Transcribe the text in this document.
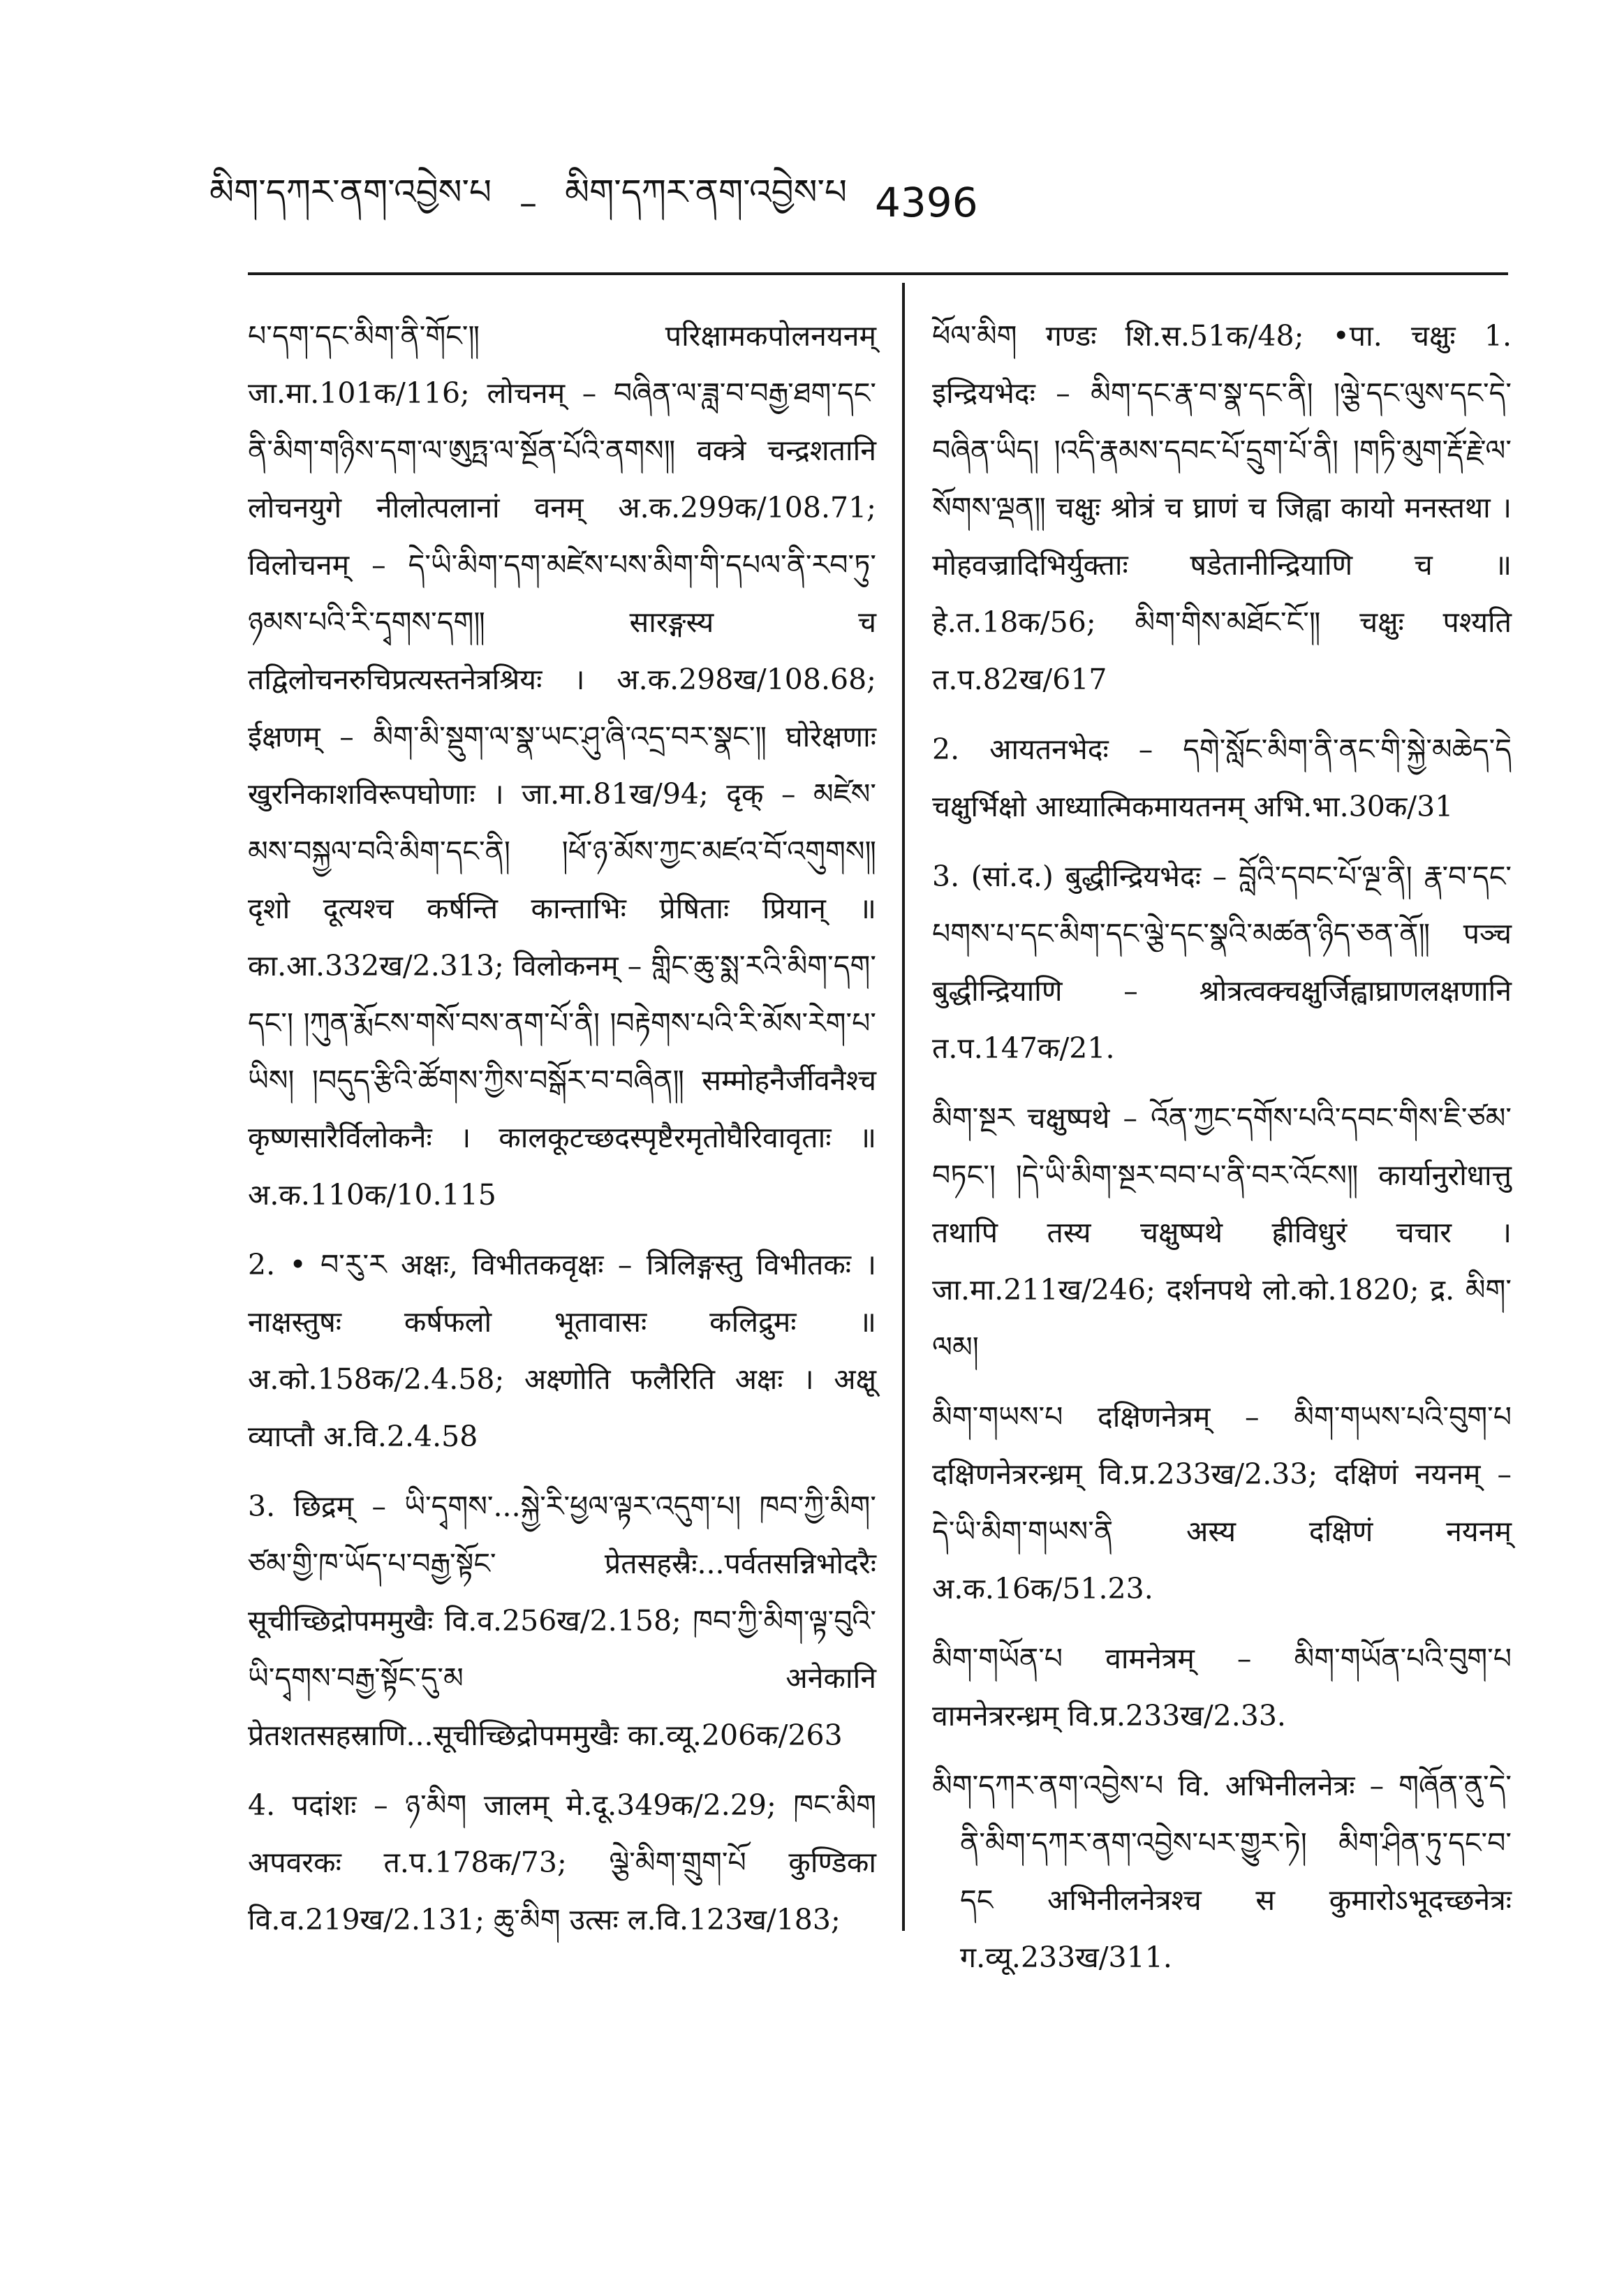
མིག་དཀར་ནག་འབྱེས་པ – མིག་དཀར་ནག་འབྱེས་པ 4396

པ་དག་དང་མིག་ནི་གོང་༎ परिक्षामकपोलनयनम् जा.मा.101क/116; लोचनम् – བཞིན་ལ་ཟླ་བ་བརྒྱ་ཐག་དང་ནི་མིག་གཉིས་དག་ལ་ཨུཏྤ་ལ་སྔོན་པོའི་ནགས༎ वक्त्रे चन्द्रशतानि लोचनयुगे नीलोत्पलानां वनम् अ.क.299क/108.71; विलोचनम् – དེ་ཡི་མིག་དག་མཛེས་པས་མིག་གི་དཔལ་ནི་རབ་ཏུ་ཉམས་པའི་རི་དྭགས་དག༎ सारङ्गस्य च तद्विलोचनरुचिप्रत्यस्तनेत्रश्रियः । अ.क.298ख/108.68; ईक्षणम् – མིག་མི་སྡུག་ལ་སྣ་ཡང་ཤུ་ཞི་འདྲ་བར་སྣང་༎ घोरेक्षणाः खुरनिकाशविरूपघोणाः । जा.मा.81ख/94; दृक् – མཛེས་མས་བསྐྱལ་བའི་མིག་དང་ནི། །ཕོ་ཉ་མོས་ཀྱང་མཛའ་བོ་འགུགས༎ दृशो दूत्यश्च कर्षन्ति कान्ताभिः प्रेषिताः प्रियान् ॥ का.आ.332ख/2.313; विलोकनम् – གླིང་ཆུ་སྨ་རའི་མིག་དག་དང་། །ཀུན་རྨོངས་གསོ་བས་ནག་པོ་ནི། །བརྟེགས་པའི་རི་མོས་རེག་པ་ཡིས། །བདུད་རྩིའི་ཚོགས་ཀྱིས་བསྒོར་བ་བཞིན༎ सम्मोहनैर्जीवनैश्च कृष्णसारैर्विलोकनैः । कालकूटच्छदस्पृष्टैरमृतोघैरिवावृताः ॥ अ.क.110क/10.115

2. • བ་རུ་ར अक्षः, विभीतकवृक्षः – त्रिलिङ्गस्तु विभीतकः । नाक्षस्तुषः कर्षफलो भूतावासः कलिद्रुमः ॥ अ.को.158क/2.4.58; अक्ष्णोति फलैरिति अक्षः । अक्षू व्याप्तौ अ.वि.2.4.58

3. छिद्रम् – ཡི་དྭགས་...སྐྱེ་རི་ཕྱལ་ལྟར་འདུག་པ། ཁབ་ཀྱི་མིག་ཙམ་གྱི་ཁ་ཡོད་པ་བརྒྱ་སྟོང་ प्रेतसहस्रैः...पर्वतसन्निभोदरैः सूचीच्छिद्रोपममुखैः वि.व.256ख/2.158; ཁབ་ཀྱི་མིག་ལྟ་བུའི་ཡི་དྭགས་བརྒྱ་སྟོང་དུ་མ अनेकानि प्रेतशतसहस्राणि...सूचीच्छिद्रोपममुखैः का.व्यू.206क/263

4. पदांशः – ཉ་མིག जालम् मे.दू.349क/2.29; ཁང་མིག अपवरकः त.प.178क/73; ལྕེ་མིག་གྲུག་པོ कुण्डिका वि.व.219ख/2.131; ཆུ་མིག उत्सः ल.वि.123ख/183;

ཕོལ་མིག गण्डः शि.स.51क/48; •पा. चक्षुः 1. इन्द्रियभेदः – མིག་དང་རྣ་བ་སྣ་དང་ནི། །ལྕེ་དང་ལུས་དང་དེ་བཞིན་ཡིད། །འདི་རྣམས་དབང་པོ་དྲུག་པོ་ནི། །གཏི་མུག་རྡོ་རྗེ་ལ་སོགས་ལྡན༎ चक्षुः श्रोत्रं च घ्राणं च जिह्वा कायो मनस्तथा । मोहवज्रादिभिर्युक्ताः षडेतानीन्द्रियाणि च ॥ हे.त.18क/56; མིག་གིས་མཐོང་ངོ་༎ चक्षुः पश्यति त.प.82ख/617

2. आयतनभेदः – དགེ་སློང་མིག་ནི་ནང་གི་སྐྱེ་མཆེད་དེ चक्षुर्भिक्षो आध्यात्मिकमायतनम् अभि.भा.30क/31

3. (सां.द.) बुद्धीन्द्रियभेदः – བློའི་དབང་པོ་ལྔ་ནི། རྣ་བ་དང་ པགས་པ་དང་མིག་དང་ལྕེ་དང་སྣའི་མཚན་ཉིད་ཅན་ནོ༎ पञ्च बुद्धीन्द्रियाणि – श्रोत्रत्वक्चक्षुर्जिह्वाघ्राणलक्षणानि त.प.147क/21.

མིག་སྔར चक्षुष्पथे – འོན་ཀྱང་དགོས་པའི་དབང་གིས་ཇི་ཙམ་བཏང་། །དེ་ཡི་མིག་སྔར་བབ་པ་ནི་བར་འོངས༎ कार्यानुरोधात्तु तथापि तस्य चक्षुष्पथे ह्रीविधुरं चचार । जा.मा.211ख/246; दर्शनपथे लो.को.1820; द्र. མིག་ལམ།

མིག་གཡས་པ दक्षिणनेत्रम् – མིག་གཡས་པའི་བུག་པ दक्षिणनेत्ररन्ध्रम् वि.प्र.233ख/2.33; दक्षिणं नयनम् – དེ་ཡི་མིག་གཡས་ནི अस्य दक्षिणं नयनम् अ.क.16क/51.23.

མིག་གཡོན་པ वामनेत्रम् – མིག་གཡོན་པའི་བུག་པ वामनेत्ररन्ध्रम् वि.प्र.233ख/2.33.

མིག་དཀར་ནག་འབྱེས་པ वि. अभिनीलनेत्रः – གཞོན་ནུ་དེ་ནི་མིག་དཀར་ནག་འབྱེས་པར་གྱུར་ཏེ། མིག་ཤིན་ཏུ་དང་བ་དང अभिनीलनेत्रश्च स कुमारोऽभूदच्छनेत्रः ग.व्यू.233ख/311.
